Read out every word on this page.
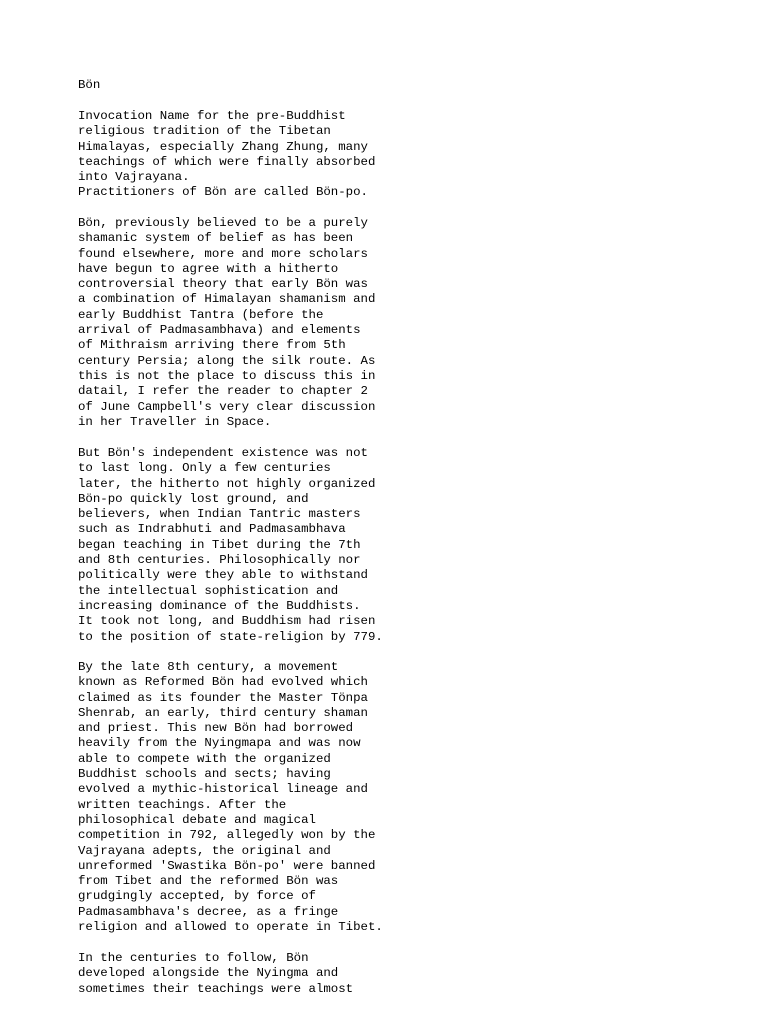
Bön
Invocation Name for the pre-Buddhist
religious tradition of the Tibetan
Himalayas, especially Zhang Zhung, many
teachings of which were finally absorbed
into Vajrayana.
Practitioners of Bön are called Bön-po.
Bön, previously believed to be a purely
shamanic system of belief as has been
found elsewhere, more and more scholars
have begun to agree with a hitherto
controversial theory that early Bön was
a combination of Himalayan shamanism and
early Buddhist Tantra (before the
arrival of Padmasambhava) and elements
of Mithraism arriving there from 5th
century Persia; along the silk route. As
this is not the place to discuss this in
datail, I refer the reader to chapter 2
of June Campbell's very clear discussion
in her Traveller in Space.
But Bön's independent existence was not
to last long. Only a few centuries
later, the hitherto not highly organized
Bön-po quickly lost ground, and
believers, when Indian Tantric masters
such as Indrabhuti and Padmasambhava
began teaching in Tibet during the 7th
and 8th centuries. Philosophically nor
politically were they able to withstand
the intellectual sophistication and
increasing dominance of the Buddhists.
It took not long, and Buddhism had risen
to the position of state-religion by 779.
By the late 8th century, a movement
known as Reformed Bön had evolved which
claimed as its founder the Master Tönpa
Shenrab, an early, third century shaman
and priest. This new Bön had borrowed
heavily from the Nyingmapa and was now
able to compete with the organized
Buddhist schools and sects; having
evolved a mythic-historical lineage and
written teachings. After the
philosophical debate and magical
competition in 792, allegedly won by the
Vajrayana adepts, the original and
unreformed 'Swastika Bön-po' were banned
from Tibet and the reformed Bön was
grudgingly accepted, by force of
Padmasambhava's decree, as a fringe
religion and allowed to operate in Tibet.
In the centuries to follow, Bön
developed alongside the Nyingma and
sometimes their teachings were almost
